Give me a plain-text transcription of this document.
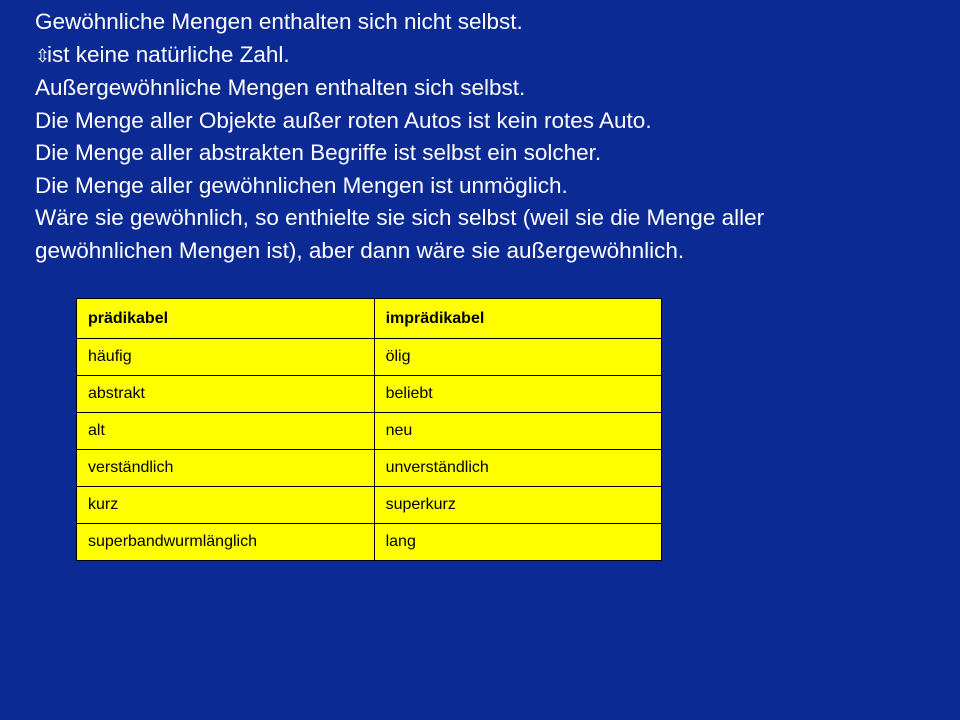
Gewöhnliche Mengen enthalten sich nicht selbst.
⇳ist keine natürliche Zahl.
Außergewöhnliche Mengen enthalten sich selbst.
Die Menge aller Objekte außer roten Autos ist kein rotes Auto.
Die Menge aller abstrakten Begriffe ist selbst ein solcher.
Die Menge aller gewöhnlichen Mengen ist unmöglich.
Wäre sie gewöhnlich, so enthielte sie sich selbst (weil sie die Menge aller
gewöhnlichen Mengen ist), aber dann wäre sie außergewöhnlich.
prädikabel	imprädikabel
häufig	ölig
abstrakt	beliebt
alt	neu
verständlich	unverständlich
kurz	superkurz
superbandwurmlänglich	lang
